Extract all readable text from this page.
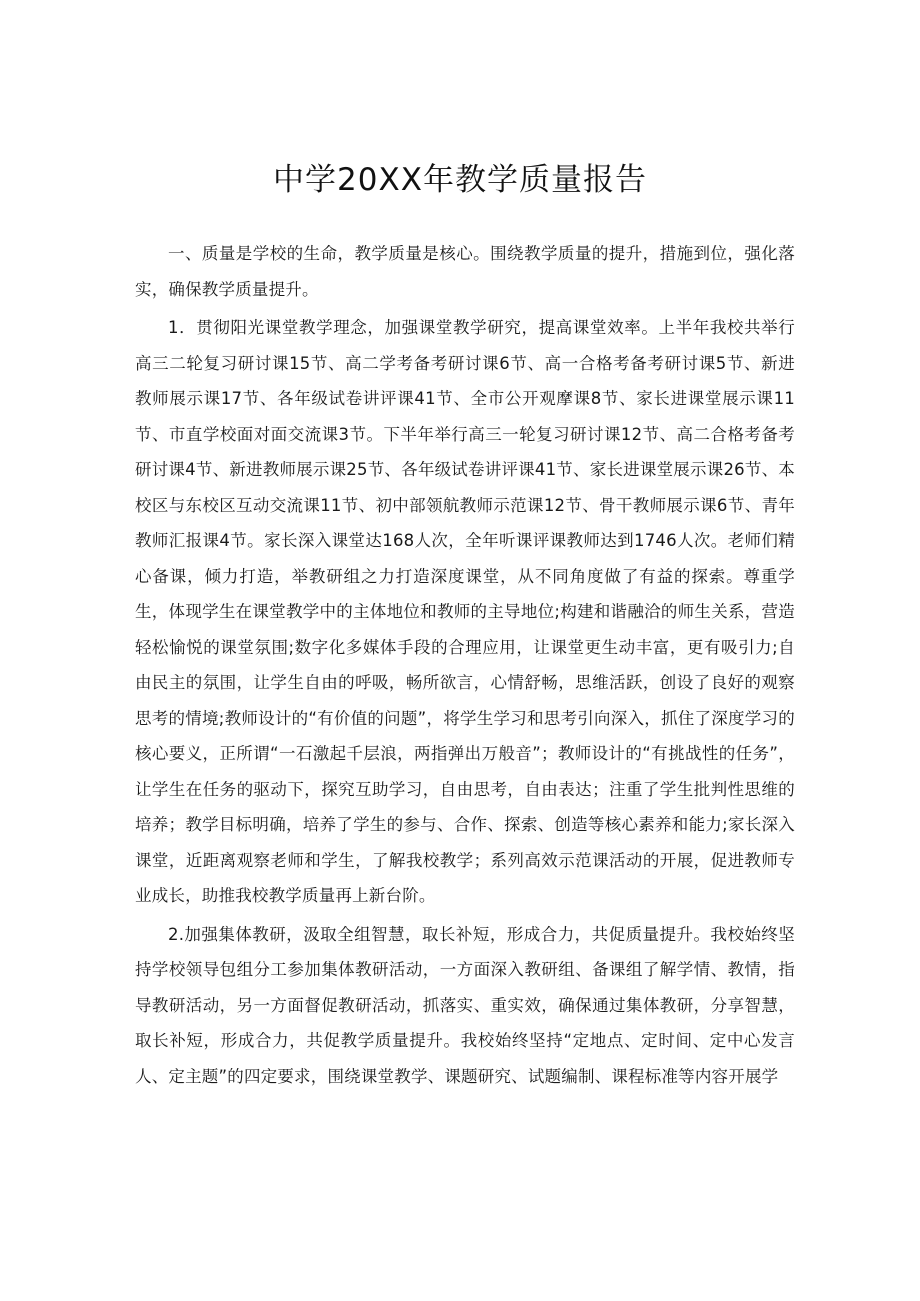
中学20XX年教学质量报告

一、质量是学校的生命，教学质量是核心。围绕教学质量的提升，措施到位，强化落实，确保教学质量提升。

1．贯彻阳光课堂教学理念，加强课堂教学研究，提高课堂效率。上半年我校共举行高三二轮复习研讨课15节、高二学考备考研讨课6节、高一合格考备考研讨课5节、新进教师展示课17节、各年级试卷讲评课41节、全市公开观摩课8节、家长进课堂展示课11节、市直学校面对面交流课3节。下半年举行高三一轮复习研讨课12节、高二合格考备考研讨课4节、新进教师展示课25节、各年级试卷讲评课41节、家长进课堂展示课26节、本校区与东校区互动交流课11节、初中部领航教师示范课12节、骨干教师展示课6节、青年教师汇报课4节。家长深入课堂达168人次，全年听课评课教师达到1746人次。老师们精心备课，倾力打造，举教研组之力打造深度课堂，从不同角度做了有益的探索。尊重学生，体现学生在课堂教学中的主体地位和教师的主导地位;构建和谐融洽的师生关系，营造轻松愉悦的课堂氛围;数字化多媒体手段的合理应用，让课堂更生动丰富，更有吸引力;自由民主的氛围，让学生自由的呼吸，畅所欲言，心情舒畅，思维活跃，创设了良好的观察思考的情境;教师设计的“有价值的问题”，将学生学习和思考引向深入，抓住了深度学习的核心要义，正所谓“一石激起千层浪，两指弹出万般音”；教师设计的“有挑战性的任务”，让学生在任务的驱动下，探究互助学习，自由思考，自由表达；注重了学生批判性思维的培养；教学目标明确，培养了学生的参与、合作、探索、创造等核心素养和能力;家长深入课堂，近距离观察老师和学生，了解我校教学；系列高效示范课活动的开展，促进教师专业成长，助推我校教学质量再上新台阶。

2.加强集体教研，汲取全组智慧，取长补短，形成合力，共促质量提升。我校始终坚持学校领导包组分工参加集体教研活动，一方面深入教研组、备课组了解学情、教情，指导教研活动，另一方面督促教研活动，抓落实、重实效，确保通过集体教研，分享智慧，取长补短，形成合力，共促教学质量提升。我校始终坚持“定地点、定时间、定中心发言人、定主题”的四定要求，围绕课堂教学、课题研究、试题编制、课程标准等内容开展学
